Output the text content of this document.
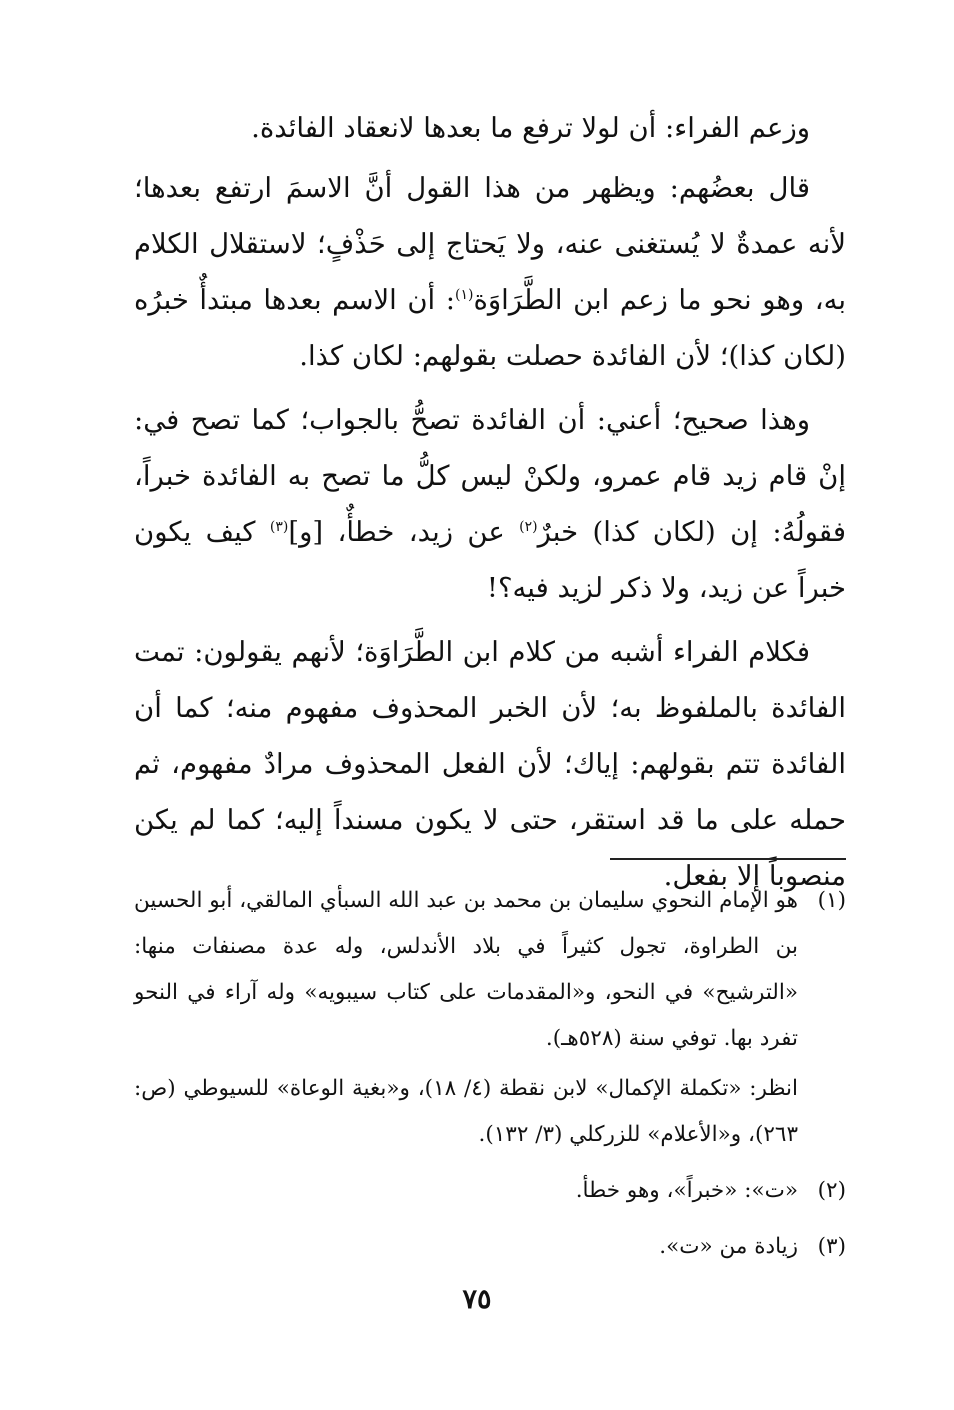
وزعم الفراء: أن لولا ترفع ما بعدها لانعقاد الفائدة.

قال بعضُهم: ويظهر من هذا القول أنَّ الاسمَ ارتفع بعدها؛ لأنه عمدةٌ لا يُستغنى عنه، ولا يَحتاج إلى حَذْفٍ؛ لاستقلال الكلام به، وهو نحو ما زعم ابن الطَّرَاوَة$^{(١)}$: أن الاسم بعدها مبتدأٌ خبرُه (لكان كذا)؛ لأن الفائدة حصلت بقولهم: لكان كذا.

وهذا صحيح؛ أعني: أن الفائدة تصحُّ بالجواب؛ كما تصح في: إنْ قام زيد قام عمرو، ولكنْ ليس كلُّ ما تصح به الفائدة خبراً، فقولُهُ: إن (لكان كذا) خبرٌ$^{(٢)}$ عن زيد، خطأٌ، [و]$^{(٣)}$ كيف يكون خبراً عن زيد، ولا ذكر لزيد فيه؟!

فكلام الفراء أشبه من كلام ابن الطَّرَاوَة؛ لأنهم يقولون: تمت الفائدة بالملفوظ به؛ لأن الخبر المحذوف مفهوم منه؛ كما أن الفائدة تتم بقولهم: إياك؛ لأن الفعل المحذوف مرادٌ مفهوم، ثم حمله على ما قد استقر، حتى لا يكون مسنداً إليه؛ كما لم يكن منصوباً إلا بفعل.

(١)

هو الإمام النحوي سليمان بن محمد بن عبد الله السبأي المالقي، أبو الحسين بن الطراوة، تجول كثيراً في بلاد الأندلس، وله عدة مصنفات منها: «الترشيح» في النحو، و«المقدمات على كتاب سيبويه» وله آراء في النحو تفرد بها. توفي سنة (٥٢٨هـ).

انظر: «تكملة الإكمال» لابن نقطة (٤/ ١٨)، و«بغية الوعاة» للسيوطي (ص: ٢٦٣)، و«الأعلام» للزركلي (٣/ ١٣٢).

(٢)

«ت»: «خبراً»، وهو خطأ.

(٣)

زيادة من «ت».

٧٥
